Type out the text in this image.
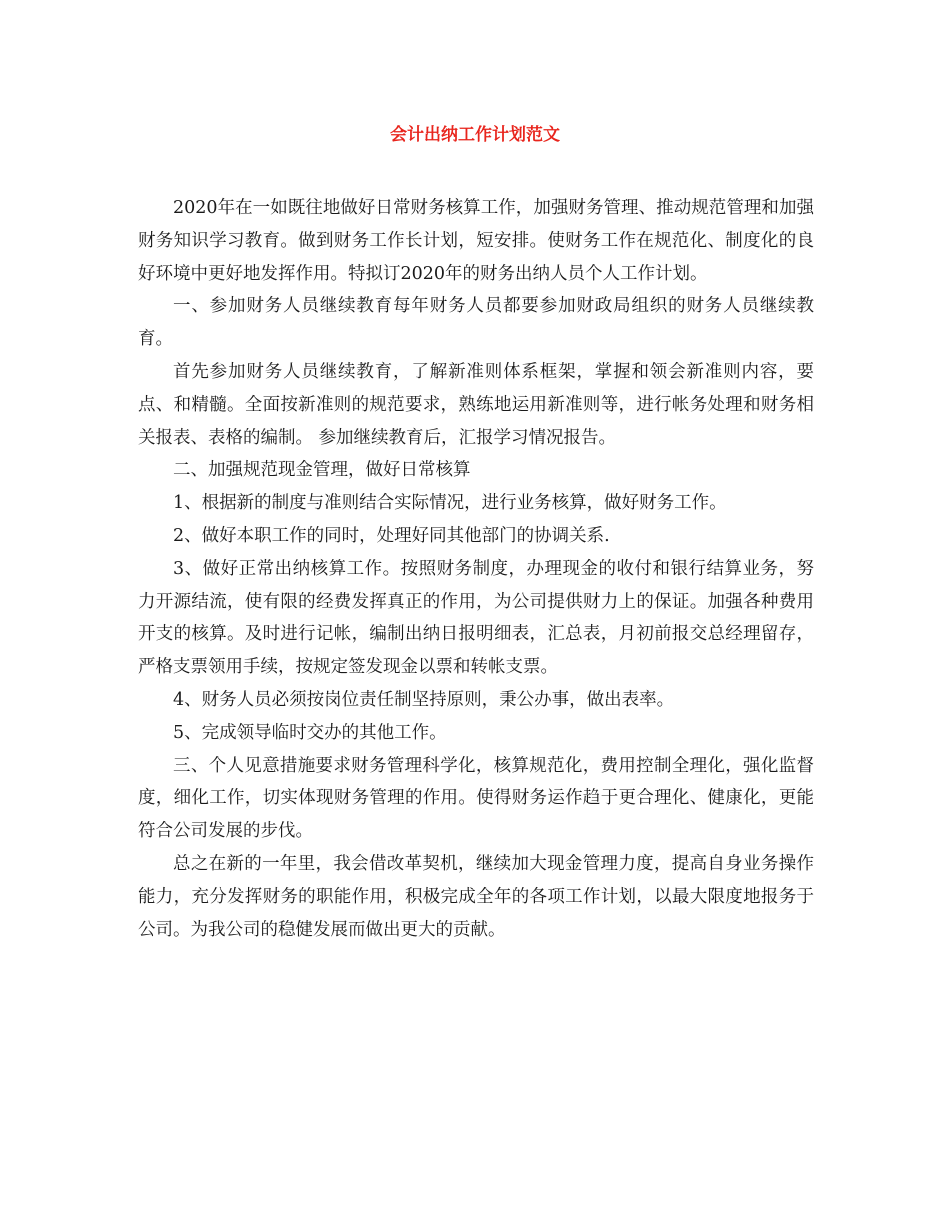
会计出纳工作计划范文

2020年在一如既往地做好日常财务核算工作，加强财务管理、推动规范管理和加强财务知识学习教育。做到财务工作长计划，短安排。使财务工作在规范化、制度化的良好环境中更好地发挥作用。特拟订2020年的财务出纳人员个人工作计划。

一、参加财务人员继续教育每年财务人员都要参加财政局组织的财务人员继续教育。

首先参加财务人员继续教育，了解新准则体系框架，掌握和领会新准则内容，要点、和精髓。全面按新准则的规范要求，熟练地运用新准则等，进行帐务处理和财务相关报表、表格的编制。 参加继续教育后，汇报学习情况报告。

二、加强规范现金管理，做好日常核算

1、根据新的制度与准则结合实际情况，进行业务核算，做好财务工作。

2、做好本职工作的同时，处理好同其他部门的协调关系.

3、做好正常出纳核算工作。按照财务制度，办理现金的收付和银行结算业务，努力开源结流，使有限的经费发挥真正的作用，为公司提供财力上的保证。加强各种费用开支的核算。及时进行记帐，编制出纳日报明细表，汇总表，月初前报交总经理留存，严格支票领用手续，按规定签发现金以票和转帐支票。

4、财务人员必须按岗位责任制坚持原则，秉公办事，做出表率。

5、完成领导临时交办的其他工作。

三、个人见意措施要求财务管理科学化，核算规范化，费用控制全理化，强化监督度，细化工作，切实体现财务管理的作用。使得财务运作趋于更合理化、健康化，更能符合公司发展的步伐。

总之在新的一年里，我会借改革契机，继续加大现金管理力度，提高自身业务操作能力，充分发挥财务的职能作用，积极完成全年的各项工作计划，以最大限度地报务于公司。为我公司的稳健发展而做出更大的贡献。
